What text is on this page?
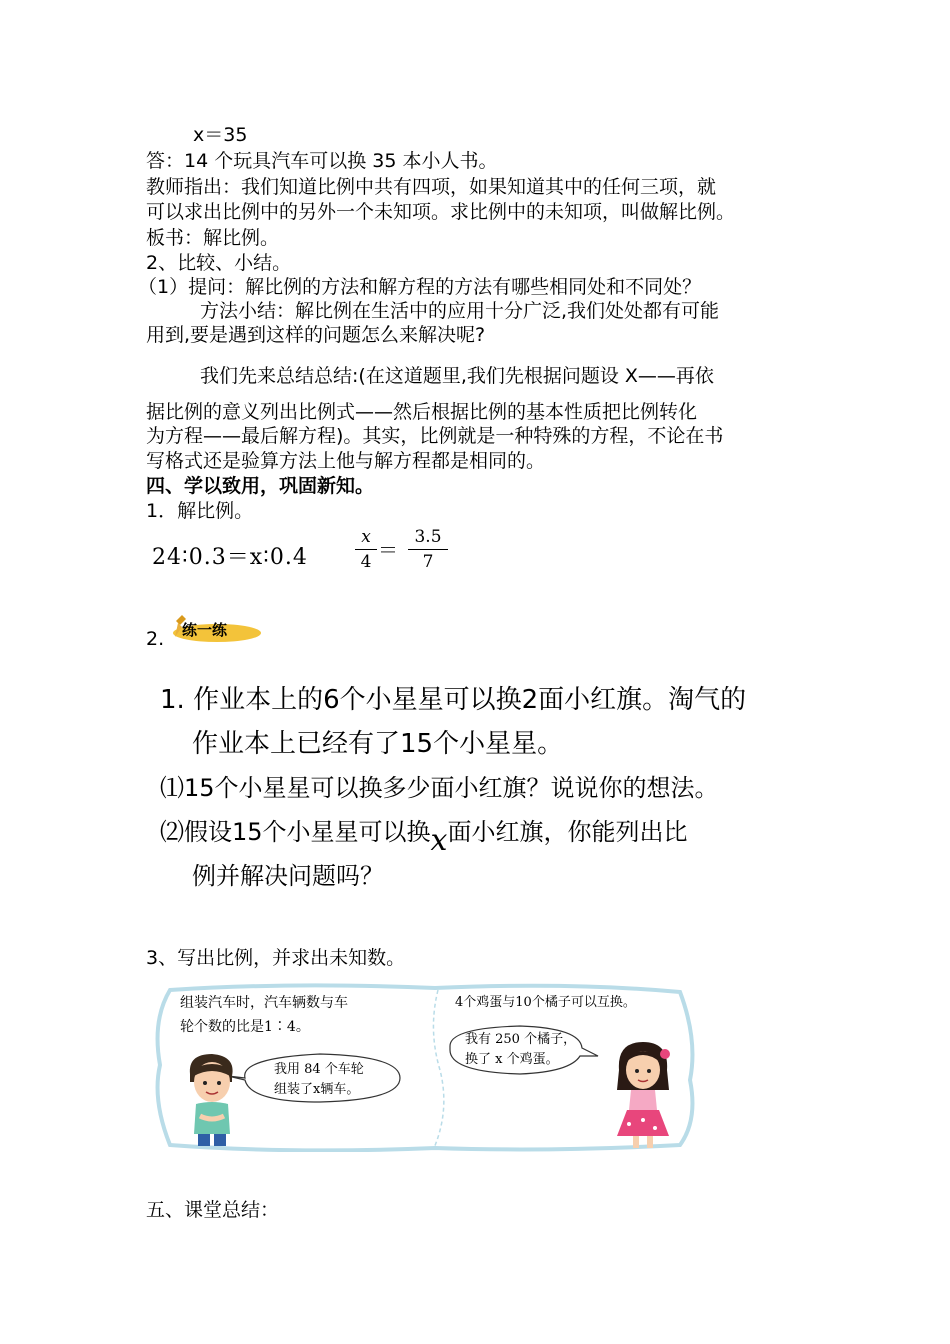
x＝35
答：14 个玩具汽车可以换 35 本小人书。
教师指出：我们知道比例中共有四项，如果知道其中的任何三项，就
可以求出比例中的另外一个未知项。求比例中的未知项，叫做解比例。
板书：解比例。
2、比较、小结。
（1）提问：解比例的方法和解方程的方法有哪些相同处和不同处？
方法小结：解比例在生活中的应用十分广泛,我们处处都有可能
用到,要是遇到这样的问题怎么来解决呢?
我们先来总结总结:(在这道题里,我们先根据问题设 X——再依
据比例的意义列出比例式——然后根据比例的基本性质把比例转化
为方程——最后解方程)。其实，比例就是一种特殊的方程，不论在书
写格式还是验算方法上他与解方程都是相同的。
四、学以致用，巩固新知。
1．解比例。
24∶0.3＝x∶0.4
x
4 ＝
3.5
7
2. 练一练
1. 作业本上的6个小星星可以换2面小红旗。淘气的
作业本上已经有了15个小星星。
⑴15个小星星可以换多少面小红旗？说说你的想法。
⑵假设15个小星星可以换x面小红旗，你能列出比
例并解决问题吗？
3、写出比例，并求出未知数。
组装汽车时，汽车辆数与车
轮个数的比是1∶4。
我用 84 个车轮
组装了x辆车。
4个鸡蛋与10个橘子可以互换。
我有 250 个橘子，
换了 x 个鸡蛋。
五、课堂总结：
